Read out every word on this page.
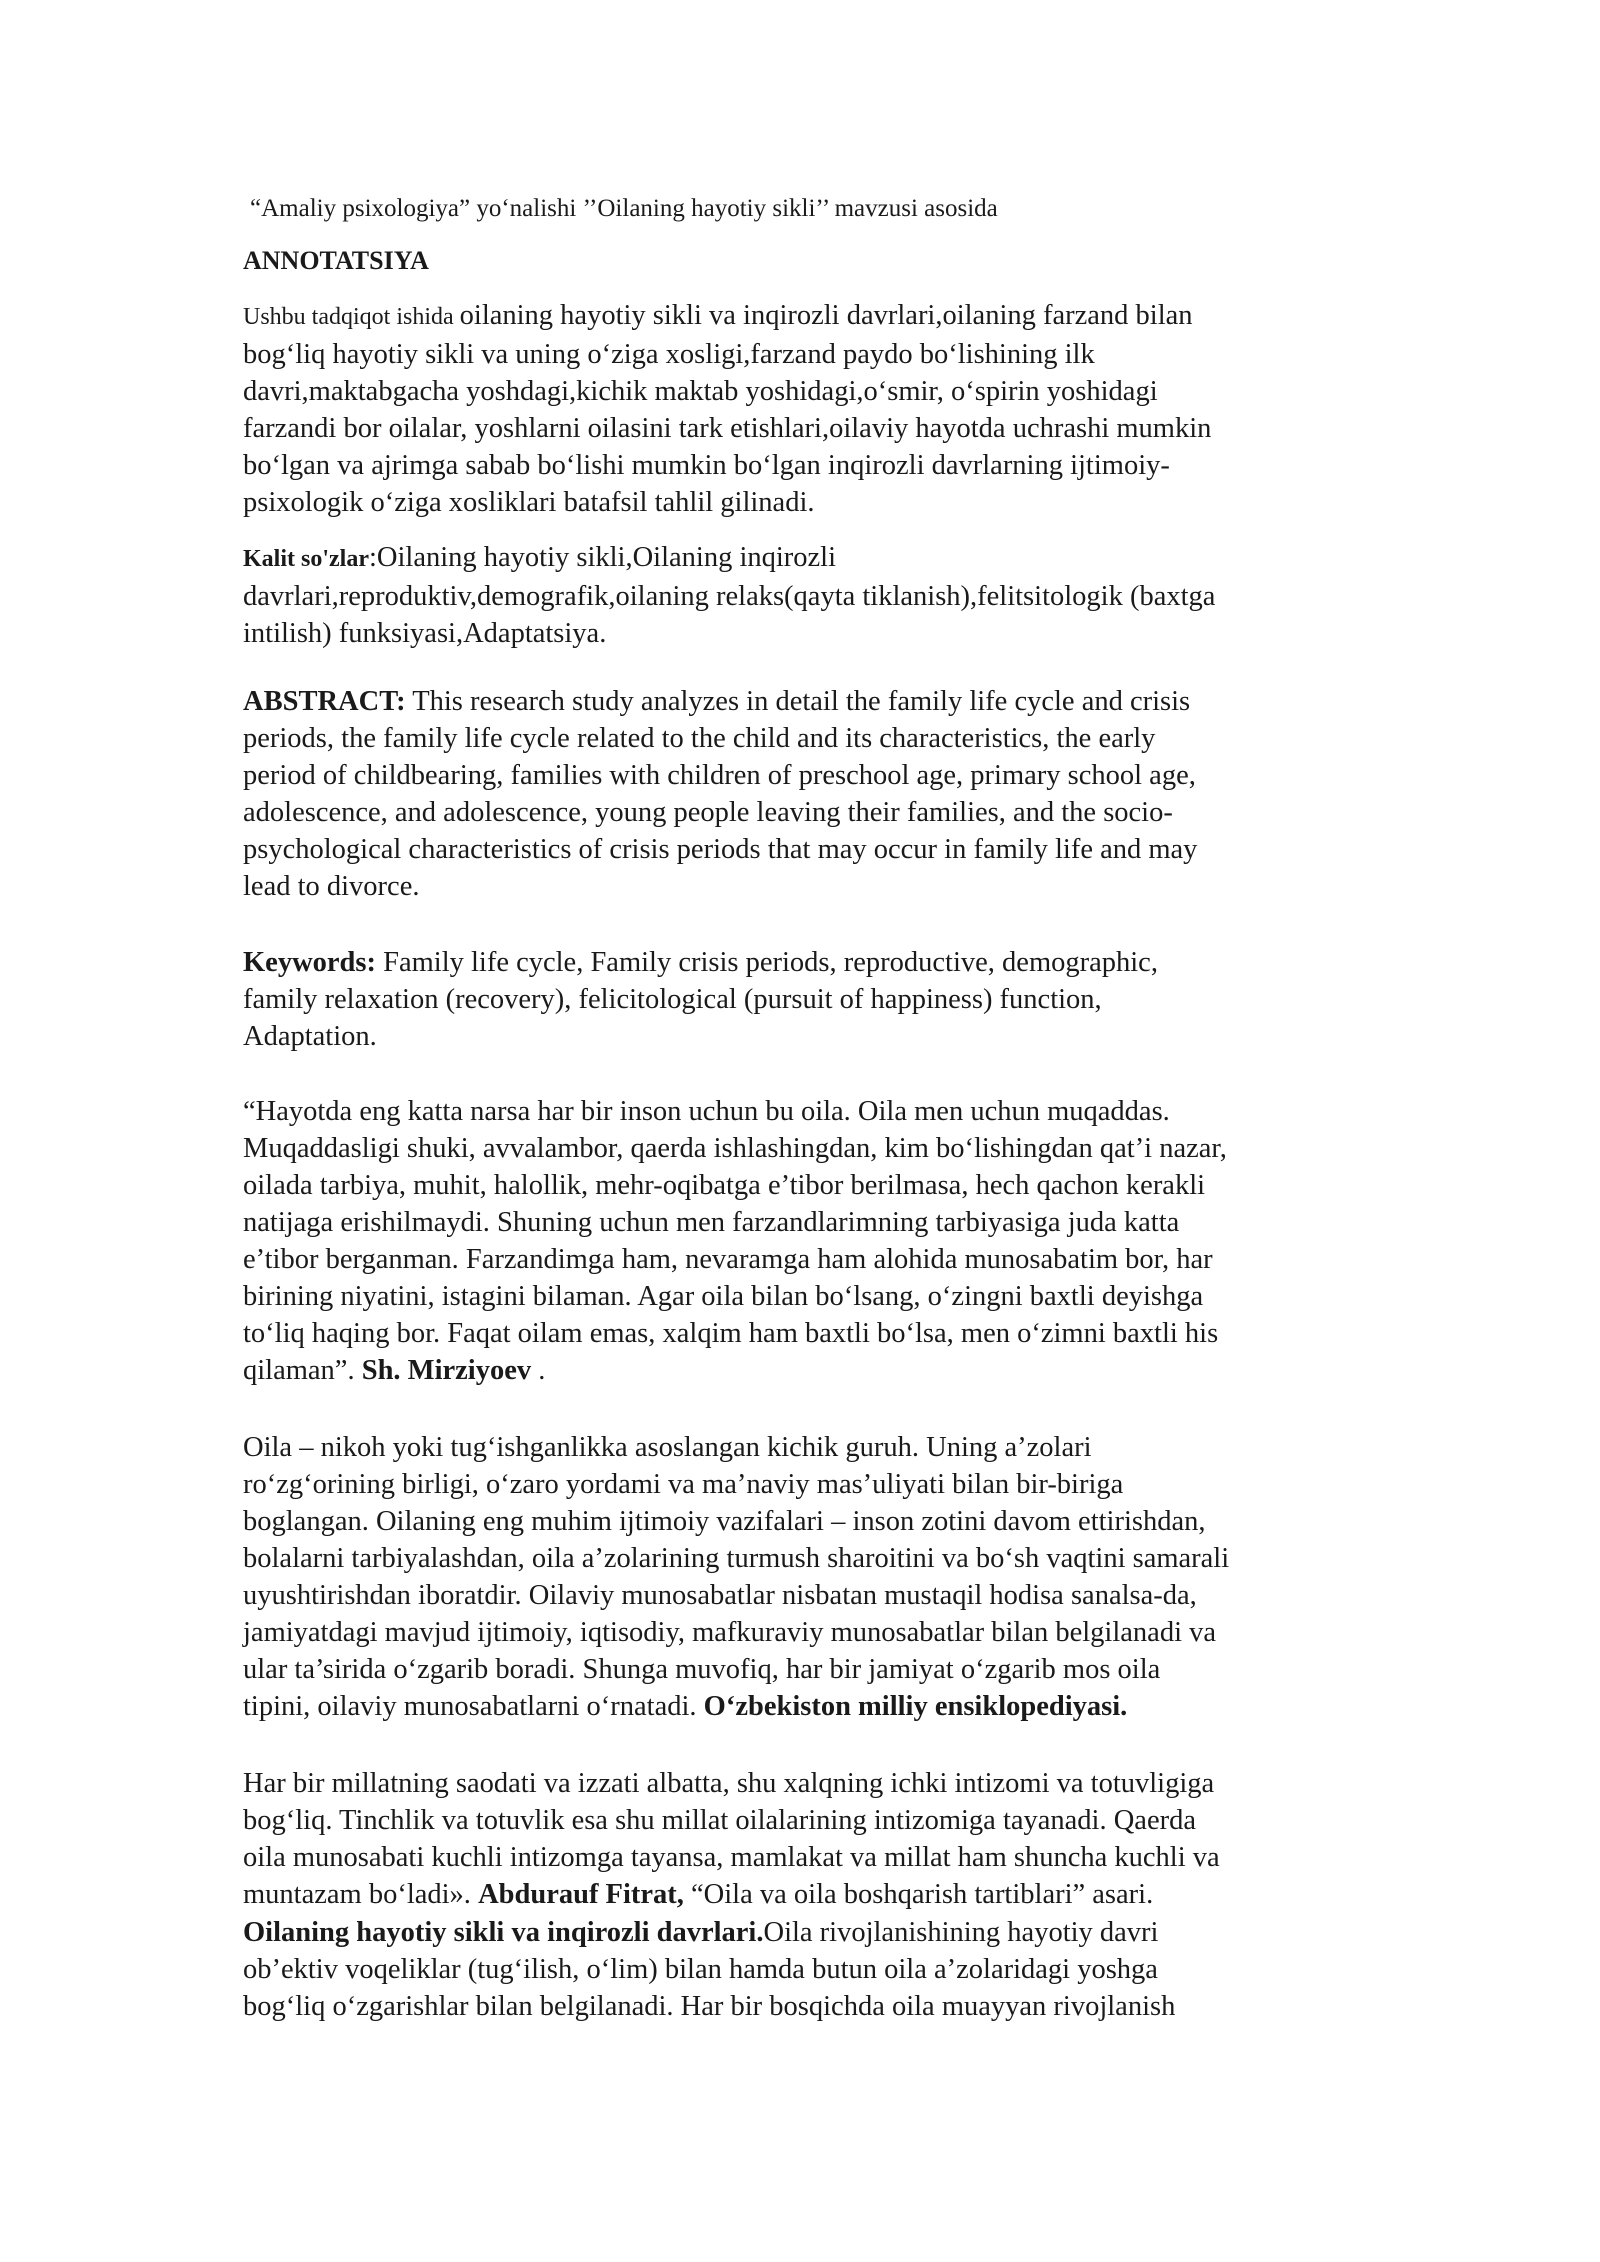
“Amaliy psixologiya” yo‘nalishi ’’Oilaning hayotiy sikli’’ mavzusi asosida
ANNOTATSIYA
Ushbu tadqiqot ishida oilaning hayotiy sikli va inqirozli davrlari,oilaning farzand bilan
bog‘liq hayotiy sikli va uning o‘ziga xosligi,farzand paydo bo‘lishining ilk
davri,maktabgacha yoshdagi,kichik maktab yoshidagi,o‘smir, o‘spirin yoshidagi
farzandi bor oilalar, yoshlarni oilasini tark etishlari,oilaviy hayotda uchrashi mumkin
bo‘lgan va ajrimga sabab bo‘lishi mumkin bo‘lgan inqirozli davrlarning ijtimoiy-
psixologik o‘ziga xosliklari batafsil tahlil gilinadi.
Kalit so'zlar:Oilaning hayotiy sikli,Oilaning inqirozli
davrlari,reproduktiv,demografik,oilaning relaks(qayta tiklanish),felitsitologik (baxtga
intilish) funksiyasi,Adaptatsiya.
ABSTRACT: This research study analyzes in detail the family life cycle and crisis
periods, the family life cycle related to the child and its characteristics, the early
period of childbearing, families with children of preschool age, primary school age,
adolescence, and adolescence, young people leaving their families, and the socio-
psychological characteristics of crisis periods that may occur in family life and may
lead to divorce.
Keywords: Family life cycle, Family crisis periods, reproductive, demographic,
family relaxation (recovery), felicitological (pursuit of happiness) function,
Adaptation.
“Hayotda eng katta narsa har bir inson uchun bu oila. Oila men uchun muqaddas.
Muqaddasligi shuki, avvalambor, qaerda ishlashingdan, kim bo‘lishingdan qat’i nazar,
oilada tarbiya, muhit, halollik, mehr-oqibatga e’tibor berilmasa, hech qachon kerakli
natijaga erishilmaydi. Shuning uchun men farzandlarimning tarbiyasiga juda katta
e’tibor berganman. Farzandimga ham, nevaramga ham alohida munosabatim bor, har
birining niyatini, istagini bilaman. Agar oila bilan bo‘lsang, o‘zingni baxtli deyishga
to‘liq haqing bor. Faqat oilam emas, xalqim ham baxtli bo‘lsa, men o‘zimni baxtli his
qilaman”. Sh. Mirziyoev .
Oila – nikoh yoki tug‘ishganlikka asoslangan kichik guruh. Uning a’zolari
ro‘zg‘orining birligi, o‘zaro yordami va ma’naviy mas’uliyati bilan bir-biriga
boglangan. Oilaning eng muhim ijtimoiy vazifalari – inson zotini davom ettirishdan,
bolalarni tarbiyalashdan, oila a’zolarining turmush sharoitini va bo‘sh vaqtini samarali
uyushtirishdan iboratdir. Oilaviy munosabatlar nisbatan mustaqil hodisa sanalsa-da,
jamiyatdagi mavjud ijtimoiy, iqtisodiy, mafkuraviy munosabatlar bilan belgilanadi va
ular ta’sirida o‘zgarib boradi. Shunga muvofiq, har bir jamiyat o‘zgarib mos oila
tipini, oilaviy munosabatlarni o‘rnatadi. O‘zbekiston milliy ensiklopediyasi.
Har bir millatning saodati va izzati albatta, shu xalqning ichki intizomi va totuvligiga
bog‘liq. Tinchlik va totuvlik esa shu millat oilalarining intizomiga tayanadi. Qaerda
oila munosabati kuchli intizomga tayansa, mamlakat va millat ham shuncha kuchli va
muntazam bo‘ladi». Abdurauf Fitrat, “Oila va oila boshqarish tartiblari” asari.
Oilaning hayotiy sikli va inqirozli davrlari.Oila rivojlanishining hayotiy davri
ob’ektiv voqeliklar (tug‘ilish, o‘lim) bilan hamda butun oila a’zolaridagi yoshga
bog‘liq o‘zgarishlar bilan belgilanadi. Har bir bosqichda oila muayyan rivojlanish
